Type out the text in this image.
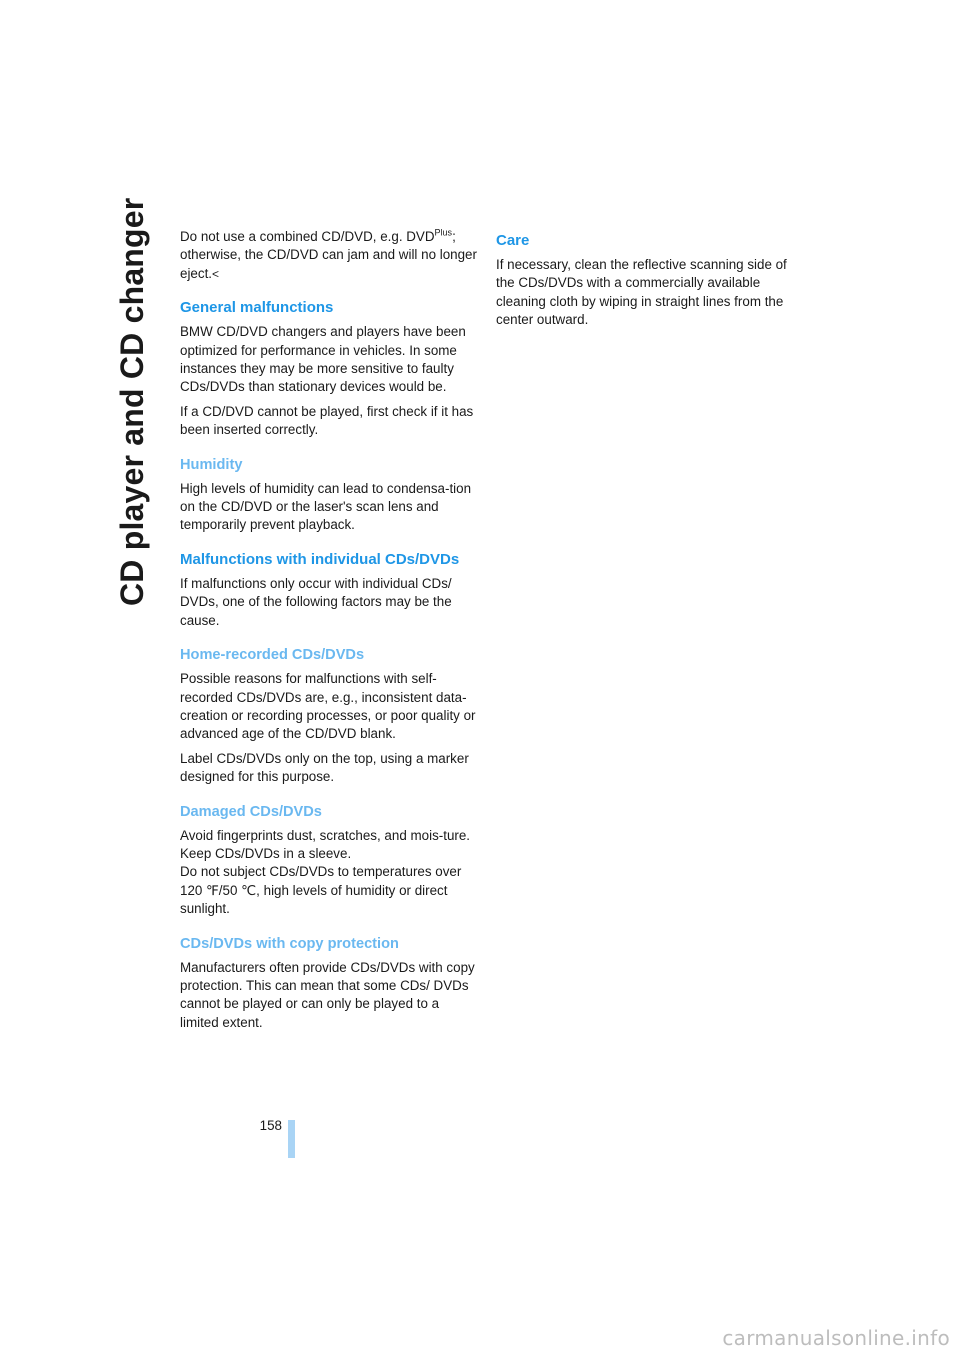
CD player and CD changer Do not use a combined CD/DVD, e.g. $DVD^{Plus}$; otherwise, the CD/DVD can jam and will no longer eject.<

General malfunctions

BMW CD/DVD changers and players have been optimized for performance in vehicles. In some instances they may be more sensitive to faulty CDs/DVDs than stationary devices would be.

If a CD/DVD cannot be played, first check if it has been inserted correctly.

Humidity

High levels of humidity can lead to condensa-tion on the CD/DVD or the laser's scan lens and temporarily prevent playback.

Malfunctions with individual CDs/DVDs

If malfunctions only occur with individual CDs/ DVDs, one of the following factors may be the cause.

Home-recorded CDs/DVDs

Possible reasons for malfunctions with self-recorded CDs/DVDs are, e.g., inconsistent data-creation or recording processes, or poor quality or advanced age of the CD/DVD blank.

Label CDs/DVDs only on the top, using a marker designed for this purpose.

Damaged CDs/DVDs

Avoid fingerprints dust, scratches, and mois-ture.

Keep CDs/DVDs in a sleeve.

Do not subject CDs/DVDs to temperatures over 120 ℉/50 ℃, high levels of humidity or direct sunlight.

CDs/DVDs with copy protection

Manufacturers often provide CDs/DVDs with copy protection. This can mean that some CDs/ DVDs cannot be played or can only be played to a limited extent.

Care

If necessary, clean the reflective scanning side of the CDs/DVDs with a commercially available cleaning cloth by wiping in straight lines from the center outward.

158
carmanualsonline.info
